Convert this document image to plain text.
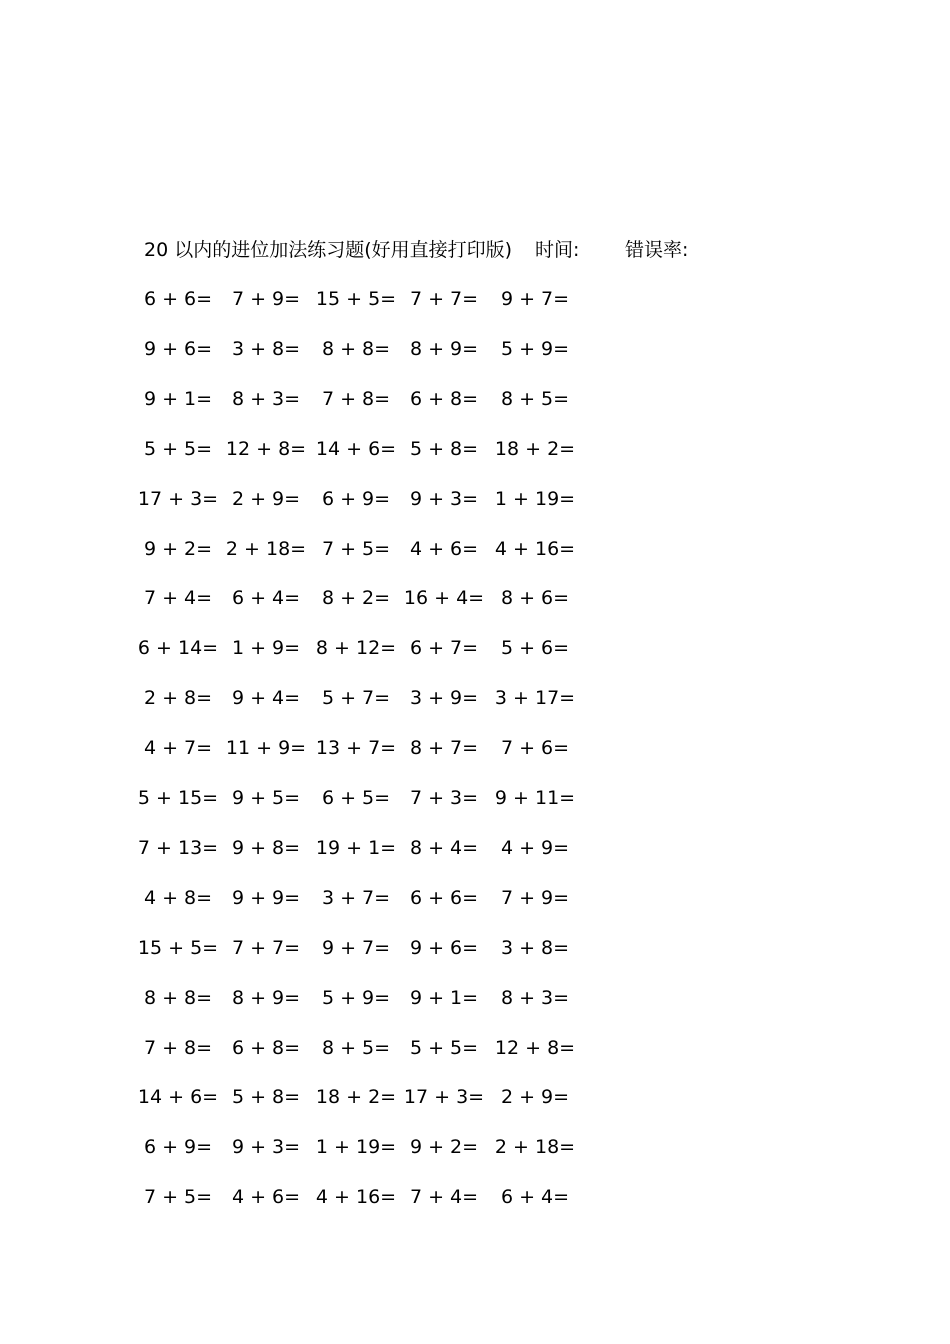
20 以内的进位加法练习题(好用直接打印版) 时间: 错误率:
6 + 6=	7 + 9= 15 + 5= 7 + 7=	9 + 7=
9 + 6=	3 + 8=	8 + 8=	8 + 9=	5 + 9=
9 + 1=	8 + 3=	7 + 8=	6 + 8=	8 + 5=
5 + 5= 12 + 8= 14 + 6= 5 + 8= 18 + 2=
17 + 3= 2 + 9=	6 + 9=	9 + 3= 1 + 19=
9 + 2= 2 + 18= 7 + 5=	4 + 6= 4 + 16=
7 + 4=	6 + 4=	8 + 2= 16 + 4= 8 + 6=
6 + 14= 1 + 9= 8 + 12= 6 + 7=	5 + 6=
2 + 8=	9 + 4=	5 + 7=	3 + 9= 3 + 17=
4 + 7= 11 + 9= 13 + 7= 8 + 7=	7 + 6=
5 + 15= 9 + 5=	6 + 5=	7 + 3= 9 + 11=
7 + 13= 9 + 8= 19 + 1= 8 + 4=	4 + 9=
4 + 8=	9 + 9=	3 + 7=	6 + 6=	7 + 9=
15 + 5= 7 + 7=	9 + 7=	9 + 6=	3 + 8=
8 + 8=	8 + 9=	5 + 9=	9 + 1=	8 + 3=
7 + 8=	6 + 8=	8 + 5=	5 + 5= 12 + 8=
14 + 6= 5 + 8= 18 + 2= 17 + 3= 2 + 9=
6 + 9=	9 + 3= 1 + 19= 9 + 2= 2 + 18=
7 + 5=	4 + 6= 4 + 16= 7 + 4=	6 + 4=
